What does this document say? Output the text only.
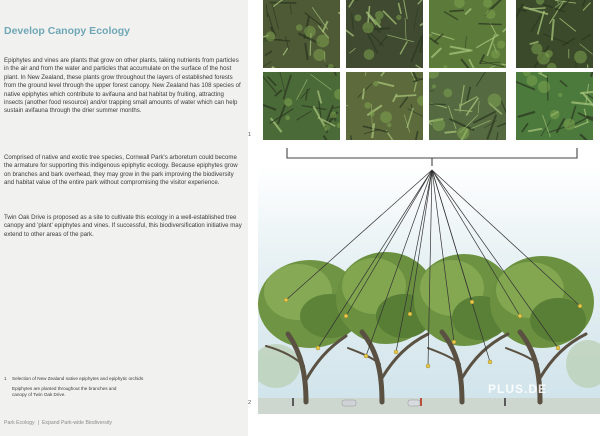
Develop Canopy Ecology

Epiphytes and vines are plants that grow on other plants, taking nutrients from particles in the air and from the water and particles that accumulate on the surface of the host plant. In New Zealand, these plants grow throughout the layers of established forests from the ground level through the upper forest canopy. New Zealand has 108 species of native epiphytes which contribute to avifauna and bat habitat by fruiting, attracting insects (another food resource) and/or trapping small amounts of water which can help sustain avifauna through the drier summer months.

Comprised of native and exotic tree species, Cornwall Park's arboretum could become the armature for supporting this indigenous epiphytic ecology. Because epiphytes grow on branches and bark overhead, they may grow in the park improving the biodiversity and habitat value of the entire park without compromising the visitor experience.

Twin Oak Drive is proposed as a site to cultivate this ecology in a well-established tree canopy and 'plant' epiphytes and vines. If successful, this biodiversification initiative may extend to other areas of the park.

1 Selection of New Zealand native epiphytes and epiphytic orchids
Epiphytes are planted throughout the branches and canopy of Twin Oak Drive.
Park Ecology | Expand Park-wide Biodiversity
1
2
PLUS.DE
